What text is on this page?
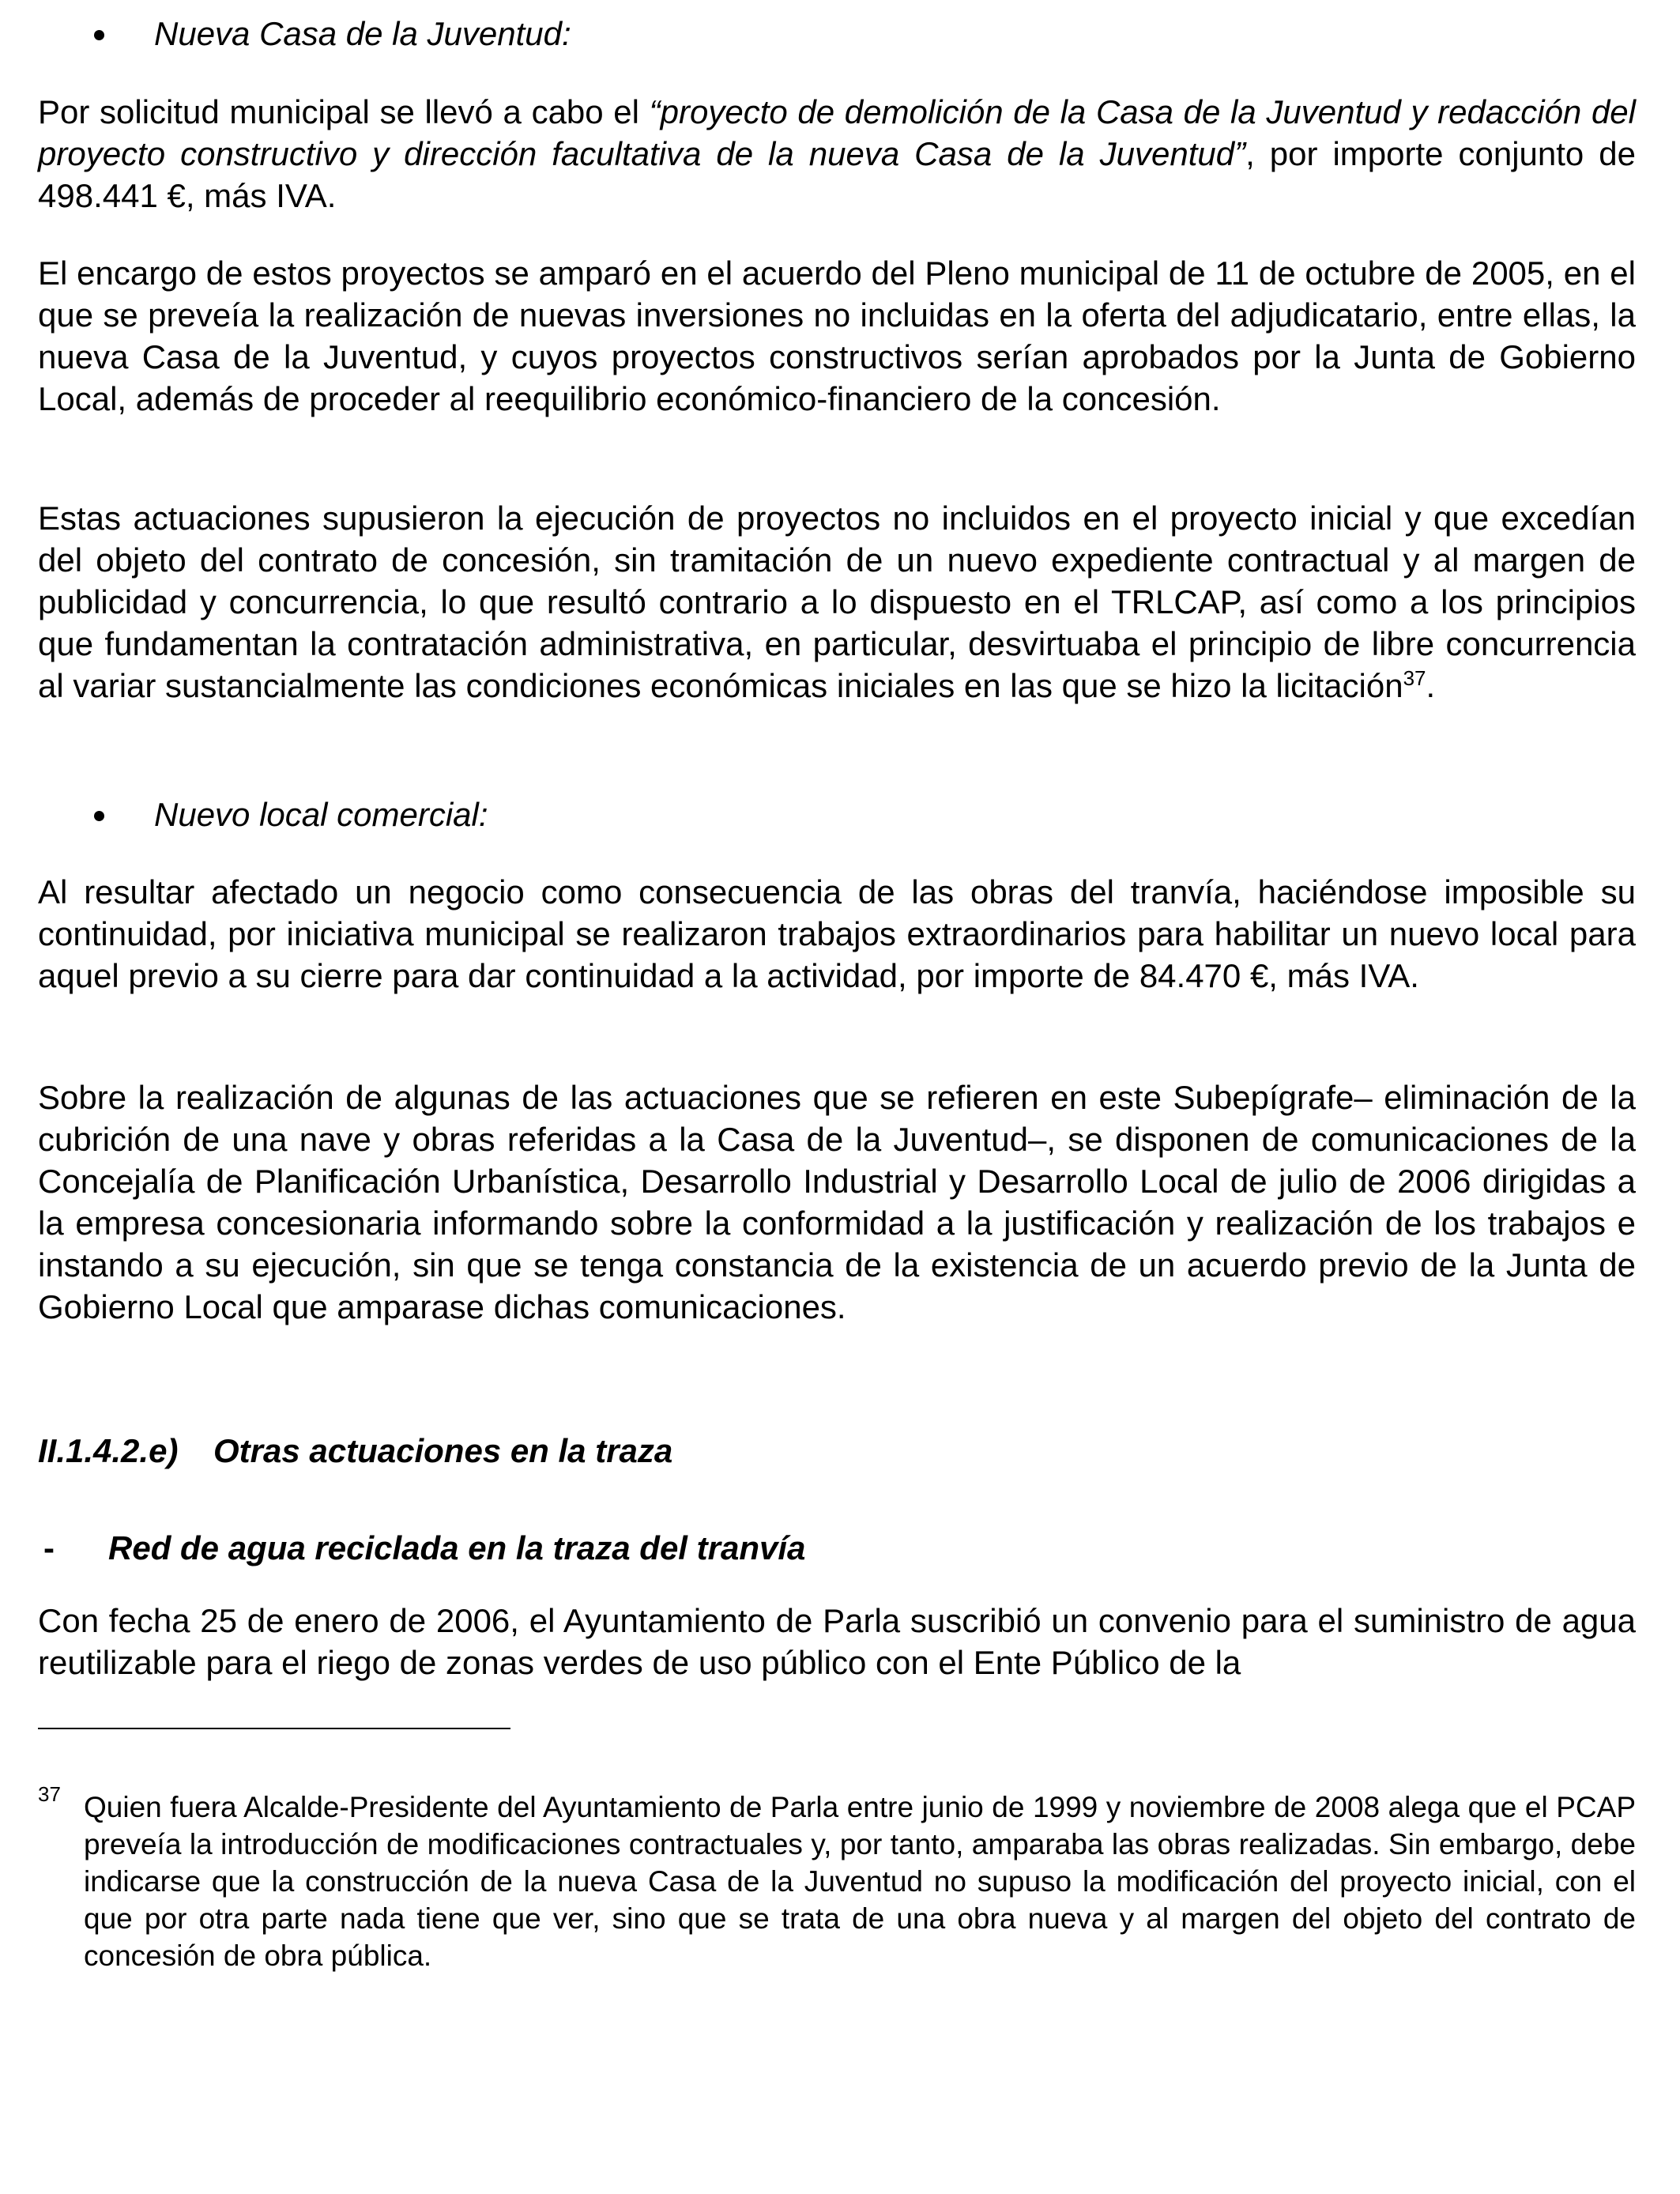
Nueva Casa de la Juventud:

Por solicitud municipal se llevó a cabo el “proyecto de demolición de la Casa de la Juventud y redacción del proyecto constructivo y dirección facultativa de la nueva Casa de la Juventud”, por importe conjunto de 498.441 €, más IVA.

El encargo de estos proyectos se amparó en el acuerdo del Pleno municipal de 11 de octubre de 2005, en el que se preveía la realización de nuevas inversiones no incluidas en la oferta del adjudicatario, entre ellas, la nueva Casa de la Juventud, y cuyos proyectos constructivos serían aprobados por la Junta de Gobierno Local, además de proceder al reequilibrio económico-financiero de la concesión.

Estas actuaciones supusieron la ejecución de proyectos no incluidos en el proyecto inicial y que excedían del objeto del contrato de concesión, sin tramitación de un nuevo expediente contractual y al margen de publicidad y concurrencia, lo que resultó contrario a lo dispuesto en el TRLCAP, así como a los principios que fundamentan la contratación administrativa, en particular, desvirtuaba el principio de libre concurrencia al variar sustancialmente las condiciones económicas iniciales en las que se hizo la licitación$^{37}$.

Nuevo local comercial:

Al resultar afectado un negocio como consecuencia de las obras del tranvía, haciéndose imposible su continuidad, por iniciativa municipal se realizaron trabajos extraordinarios para habilitar un nuevo local para aquel previo a su cierre para dar continuidad a la actividad, por importe de 84.470 €, más IVA.

Sobre la realización de algunas de las actuaciones que se refieren en este Subepígrafe– eliminación de la cubrición de una nave y obras referidas a la Casa de la Juventud–, se disponen de comunicaciones de la Concejalía de Planificación Urbanística, Desarrollo Industrial y Desarrollo Local de julio de 2006 dirigidas a la empresa concesionaria informando sobre la conformidad a la justificación y realización de los trabajos e instando a su ejecución, sin que se tenga constancia de la existencia de un acuerdo previo de la Junta de Gobierno Local que amparase dichas comunicaciones.

II.1.4.2.e) Otras actuaciones en la traza
- Red de agua reciclada en la traza del tranvía

Con fecha 25 de enero de 2006, el Ayuntamiento de Parla suscribió un convenio para el suministro de agua reutilizable para el riego de zonas verdes de uso público con el Ente Público de la

37 Quien fuera Alcalde-Presidente del Ayuntamiento de Parla entre junio de 1999 y noviembre de 2008 alega que el PCAP preveía la introducción de modificaciones contractuales y, por tanto, amparaba las obras realizadas. Sin embargo, debe indicarse que la construcción de la nueva Casa de la Juventud no supuso la modificación del proyecto inicial, con el que por otra parte nada tiene que ver, sino que se trata de una obra nueva y al margen del objeto del contrato de concesión de obra pública.
